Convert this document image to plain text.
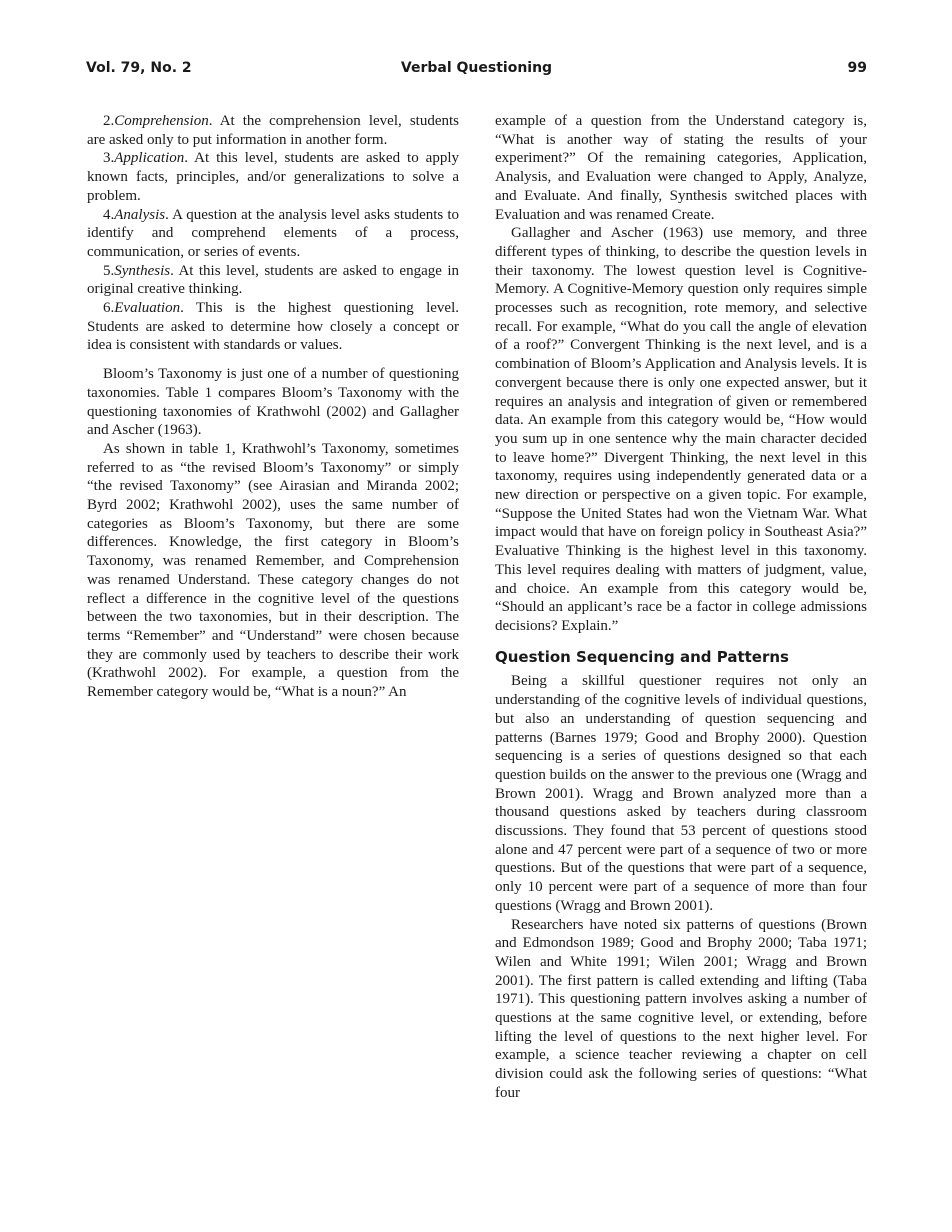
Vol. 79, No. 2	Verbal Questioning	99

2.Comprehension. At the comprehension level, students are asked only to put information in another form.

3.Application. At this level, students are asked to apply known facts, principles, and/or generalizations to solve a problem.

4.Analysis. A question at the analysis level asks students to identify and comprehend elements of a process, communication, or series of events.

5.Synthesis. At this level, students are asked to engage in original creative thinking.

6.Evaluation. This is the highest questioning level. Students are asked to determine how closely a concept or idea is consistent with standards or values.

Bloom’s Taxonomy is just one of a number of questioning taxonomies. Table 1 compares Bloom’s Taxonomy with the questioning taxonomies of Krathwohl (2002) and Gallagher and Ascher (1963).

As shown in table 1, Krathwohl’s Taxonomy, sometimes referred to as “the revised Bloom’s Taxonomy” or simply “the revised Taxonomy” (see Airasian and Miranda 2002; Byrd 2002; Krathwohl 2002), uses the same number of categories as Bloom’s Taxonomy, but there are some differences. Knowledge, the first category in Bloom’s Taxonomy, was renamed Remember, and Comprehension was renamed Understand. These category changes do not reflect a difference in the cognitive level of the questions between the two taxonomies, but in their description. The terms “Remember” and “Understand” were chosen because they are commonly used by teachers to describe their work (Krathwohl 2002). For example, a question from the Remember category would be, “What is a noun?” An

example of a question from the Understand category is, “What is another way of stating the results of your experiment?” Of the remaining categories, Application, Analysis, and Evaluation were changed to Apply, Analyze, and Evaluate. And finally, Synthesis switched places with Evaluation and was renamed Create.

Gallagher and Ascher (1963) use memory, and three different types of thinking, to describe the question levels in their taxonomy. The lowest question level is Cognitive-Memory. A Cognitive-Memory question only requires simple processes such as recognition, rote memory, and selective recall. For example, “What do you call the angle of elevation of a roof?” Convergent Thinking is the next level, and is a combination of Bloom’s Application and Analysis levels. It is convergent because there is only one expected answer, but it requires an analysis and integration of given or remembered data. An example from this category would be, “How would you sum up in one sentence why the main character decided to leave home?” Divergent Thinking, the next level in this taxonomy, requires using independently generated data or a new direction or perspective on a given topic. For example, “Suppose the United States had won the Vietnam War. What impact would that have on foreign policy in Southeast Asia?” Evaluative Thinking is the highest level in this taxonomy. This level requires dealing with matters of judgment, value, and choice. An example from this category would be, “Should an applicant’s race be a factor in college admissions decisions? Explain.”

Question Sequencing and Patterns

Being a skillful questioner requires not only an understanding of the cognitive levels of individual questions, but also an understanding of question sequencing and patterns (Barnes 1979; Good and Brophy 2000). Question sequencing is a series of questions designed so that each question builds on the answer to the previous one (Wragg and Brown 2001). Wragg and Brown analyzed more than a thousand questions asked by teachers during classroom discussions. They found that 53 percent of questions stood alone and 47 percent were part of a sequence of two or more questions. But of the questions that were part of a sequence, only 10 percent were part of a sequence of more than four questions (Wragg and Brown 2001).

Researchers have noted six patterns of questions (Brown and Edmondson 1989; Good and Brophy 2000; Taba 1971; Wilen and White 1991; Wilen 2001; Wragg and Brown 2001). The first pattern is called extending and lifting (Taba 1971). This questioning pattern involves asking a number of questions at the same cognitive level, or extending, before lifting the level of questions to the next higher level. For example, a science teacher reviewing a chapter on cell division could ask the following series of questions: “What four
